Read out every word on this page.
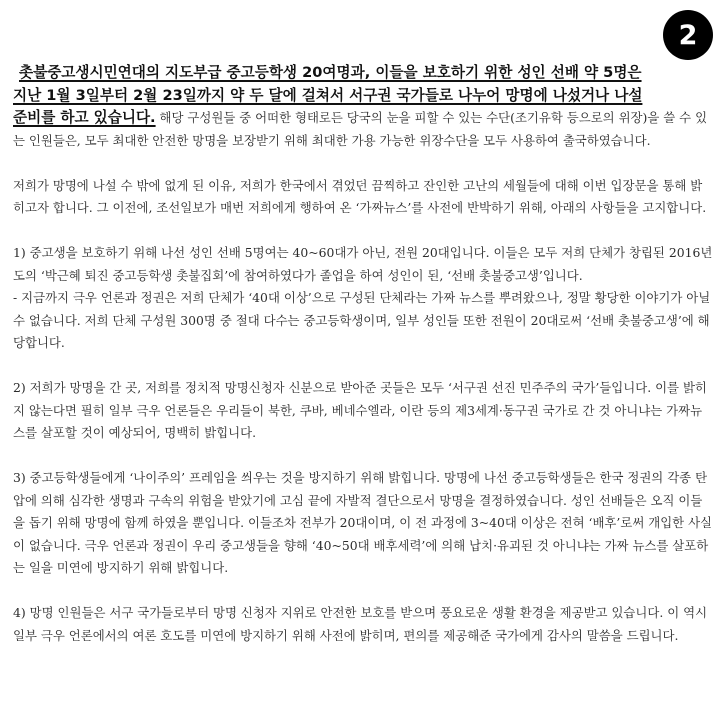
2

촛불중고생시민연대의 지도부급 중고등학생 20여명과, 이들을 보호하기 위한 성인 선배 약 5명은
지난 1월 3일부터 2월 23일까지 약 두 달에 걸쳐서 서구권 국가들로 나누어 망명에 나섰거나 나설
준비를 하고 있습니다. 해당 구성원들 중 어떠한 형태로든 당국의 눈을 피할 수 있는 수단(조기유학 등으로의 위장)을 쓸 수 있는 인원들은, 모두 최대한 안전한 망명을 보장받기 위해 최대한 가용 가능한 위장수단을 모두 사용하여 출국하였습니다.

저희가 망명에 나설 수 밖에 없게 된 이유, 저희가 한국에서 겪었던 끔찍하고 잔인한 고난의 세월들에 대해 이번 입장문을 통해 밝히고자 합니다. 그 이전에, 조선일보가 매번 저희에게 행하여 온 ‘가짜뉴스’를 사전에 반박하기 위해, 아래의 사항들을 고지합니다.

1) 중고생을 보호하기 위해 나선 성인 선배 5명여는 40~60대가 아닌, 전원 20대입니다. 이들은 모두 저희 단체가 창립된 2016년도의 ‘박근혜 퇴진 중고등학생 촛불집회’에 참여하였다가 졸업을 하여 성인이 된, ‘선배 촛불중고생’입니다.

- 지금까지 극우 언론과 정권은 저희 단체가 ‘40대 이상’으로 구성된 단체라는 가짜 뉴스를 뿌려왔으나, 정말 황당한 이야기가 아닐 수 없습니다. 저희 단체 구성원 300명 중 절대 다수는 중고등학생이며, 일부 성인들 또한 전원이 20대로써 ‘선배 촛불중고생’에 해당합니다.

2) 저희가 망명을 간 곳, 저희를 정치적 망명신청자 신분으로 받아준 곳들은 모두 ‘서구권 선진 민주주의 국가’들입니다. 이를 밝히지 않는다면 필히 일부 극우 언론들은 우리들이 북한, 쿠바, 베네수엘라, 이란 등의 제3세계·동구권 국가로 간 것 아니냐는 가짜뉴스를 살포할 것이 예상되어, 명백히 밝힙니다.

3) 중고등학생들에게 ‘나이주의’ 프레임을 씌우는 것을 방지하기 위해 밝힙니다. 망명에 나선 중고등학생들은 한국 정권의 각종 탄압에 의해 심각한 생명과 구속의 위험을 받았기에 고심 끝에 자발적 결단으로서 망명을 결정하였습니다. 성인 선배들은 오직 이들을 돕기 위해 망명에 함께 하였을 뿐입니다. 이들조차 전부가 20대이며, 이 전 과정에 3~40대 이상은 전혀 ‘배후’로써 개입한 사실이 없습니다. 극우 언론과 정권이 우리 중고생들을 향해 ‘40~50대 배후세력’에 의해 납치·유괴된 것 아니냐는 가짜 뉴스를 살포하는 일을 미연에 방지하기 위해 밝힙니다.

4) 망명 인원들은 서구 국가들로부터 망명 신청자 지위로 안전한 보호를 받으며 풍요로운 생활 환경을 제공받고 있습니다. 이 역시 일부 극우 언론에서의 여론 호도를 미연에 방지하기 위해 사전에 밝히며, 편의를 제공해준 국가에게 감사의 말씀을 드립니다.
